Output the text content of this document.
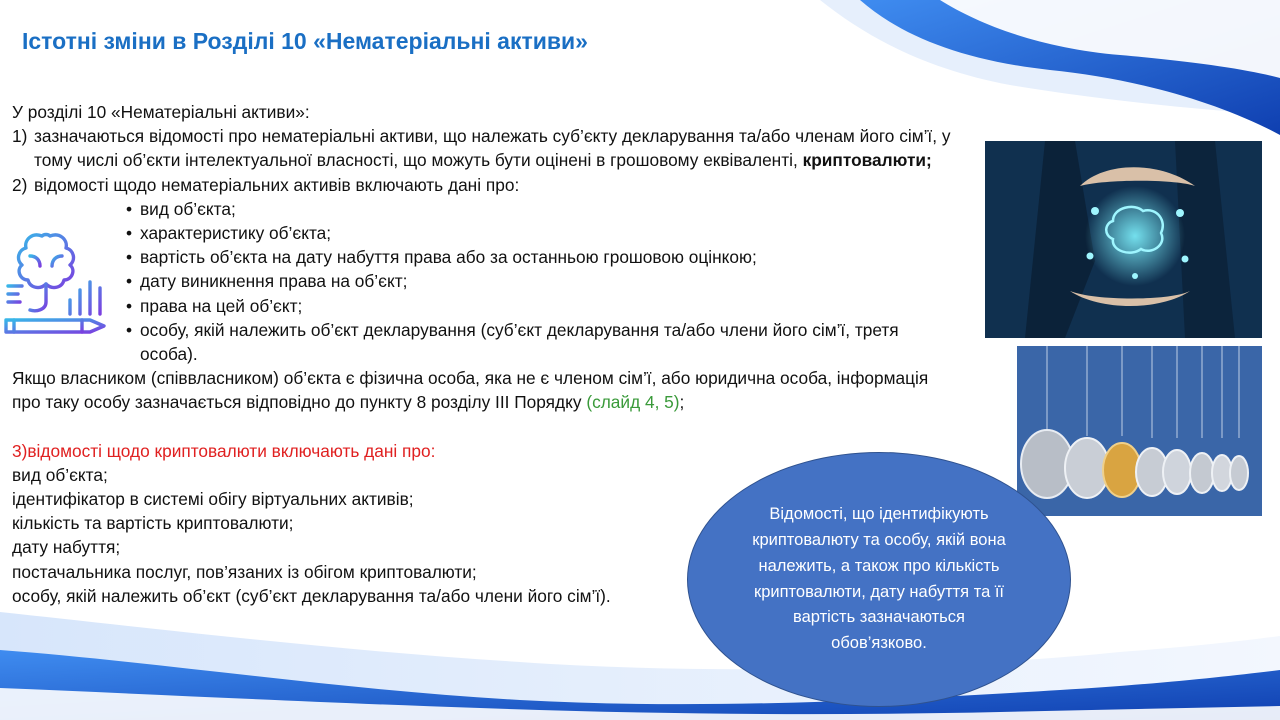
Істотні зміни в Розділі 10 «Нематеріальні активи»
У розділі 10 «Нематеріальні активи»:
1) зазначаються відомості про нематеріальні активи, що належать суб’єкту декларування та/або членам його сім’ї, у тому числі об’єкти інтелектуальної власності, що можуть бути оцінені в грошовому еквіваленті, криптовалюти;
2) відомості щодо нематеріальних активів включають дані про:
• вид об’єкта;
• характеристику об’єкта;
• вартість об’єкта на дату набуття права або за останньою грошовою оцінкою;
• дату виникнення права на об’єкт;
• права на цей об’єкт;
• особу, якій належить об’єкт декларування (суб’єкт декларування та/або члени його сім’ї, третя особа).
Якщо власником (співвласником) об’єкта є фізична особа, яка не є членом сім’ї, або юридична особа, інформація про таку особу зазначається відповідно до пункту 8 розділу ІІІ Порядку (слайд 4, 5);
3)відомості щодо криптовалюти включають дані про:
вид об’єкта;
ідентифікатор в системі обігу віртуальних активів;
кількість та вартість криптовалюти;
дату набуття;
постачальника послуг, пов’язаних із обігом криптовалюти;
особу, якій належить об’єкт (суб’єкт декларування та/або члени його сім’ї).
Відомості, що ідентифікують криптовалюту та особу, якій вона належить, а також про кількість криптовалюти, дату набуття та її вартість зазначаються обов’язково.
